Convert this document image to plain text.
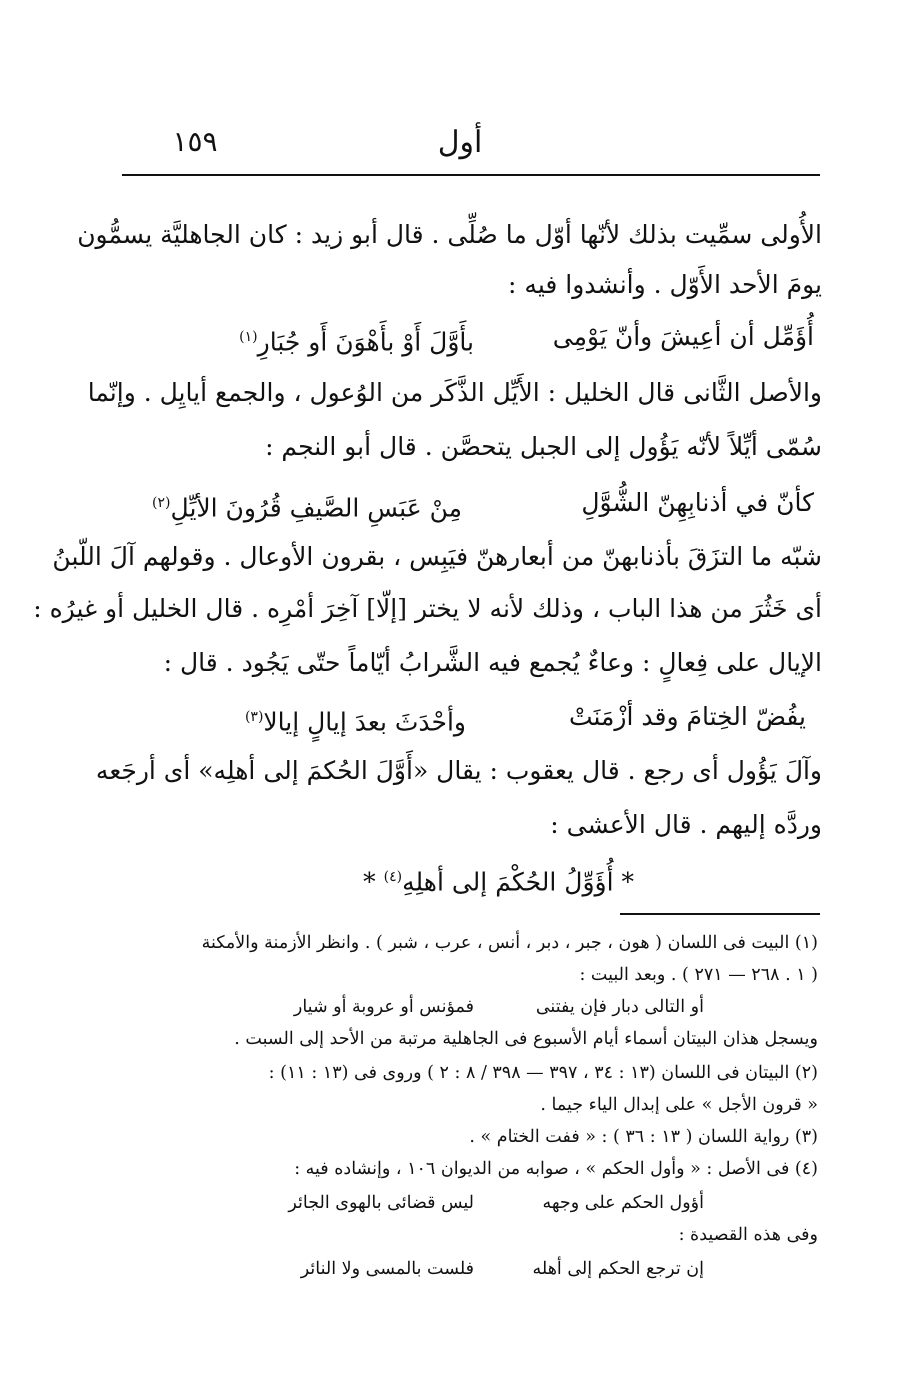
أول
١٥٩
الأُولى سمِّيت بذلك لأنّها أوّل ما صُلِّى . قال أبو زيد : كان الجاهليَّة يسمُّون
يومَ الأحد الأَوّل . وأنشدوا فيه :
أُؤَمِّل أن أعِيشَ وأنّ يَوْمِى
بأَوَّلَ أَوْ بأَهْوَنَ أَو جُبَارِ$^{(١)}$
والأصل الثَّانى قال الخليل : الأَيِّل الذَّكَر من الوُعول ، والجمع أيايِل . وإنّما
سُمّى أيِّلاً لأنّه يَؤُول إلى الجبل يتحصَّن . قال أبو النجم :
كأنّ في أذنابِهِنّ الشُّوَّلِ
مِنْ عَبَسِ الصَّيفِ قُرُونَ الأيِّلِ$^{(٢)}$
شبّه ما التزَقَ بأذنابهنّ من أبعارهنّ فيَبِس ، بقرون الأوعال . وقولهم آلَ اللّبنُ
أى خَثُرَ من هذا الباب ، وذلك لأنه لا يختر [إلّا] آخِرَ أمْرِه . قال الخليل أو غيرُه :
الإيال على فِعالٍ : وعاءٌ يُجمع فيه الشَّرابُ أيّاماً حتّى يَجُود . قال :
يفُضّ الخِتامَ وقد أزْمَنَتْ
وأحْدَثَ بعدَ إيالٍ إيالا$^{(٣)}$
وآلَ يَؤُول أى رجع . قال يعقوب : يقال «أَوَّلَ الحُكمَ إلى أهلِه» أى أرجَعه
وردَّه إليهم . قال الأعشى :
* أُؤَوِّلُ الحُكْمَ إلى أهلِهِ$^{(٤)}$ *
(١) البيت فى اللسان ( هون ، جبر ، دبر ، أنس ، عرب ، شبر ) . وانظر الأزمنة والأمكنة
( ١ . ٢٦٨ — ٢٧١ ) . وبعد البيت :
أو التالى دبار فإن يفتنى
فمؤنس أو عروبة أو شيار
ويسجل هذان البيتان أسماء أيام الأسبوع فى الجاهلية مرتبة من الأحد إلى السبت .
(٢) البيتان فى اللسان (١٣ : ٣٤ ، ٣٩٧ — ٣٩٨ / ٨ : ٢ ) وروى فى (١٣ : ١١) :
« قرون الأجل » على إبدال الياء جيما .
(٣) رواية اللسان ( ١٣ : ٣٦ ) : « ففت الختام » .
(٤) فى الأصل : « وأول الحكم » ، صوابه من الديوان ١٠٦ ، وإنشاده فيه :
أؤول الحكم على وجهه
ليس قضائى بالهوى الجائر
وفى هذه القصيدة :
إن ترجع الحكم إلى أهله
فلست بالمسى ولا النائر
